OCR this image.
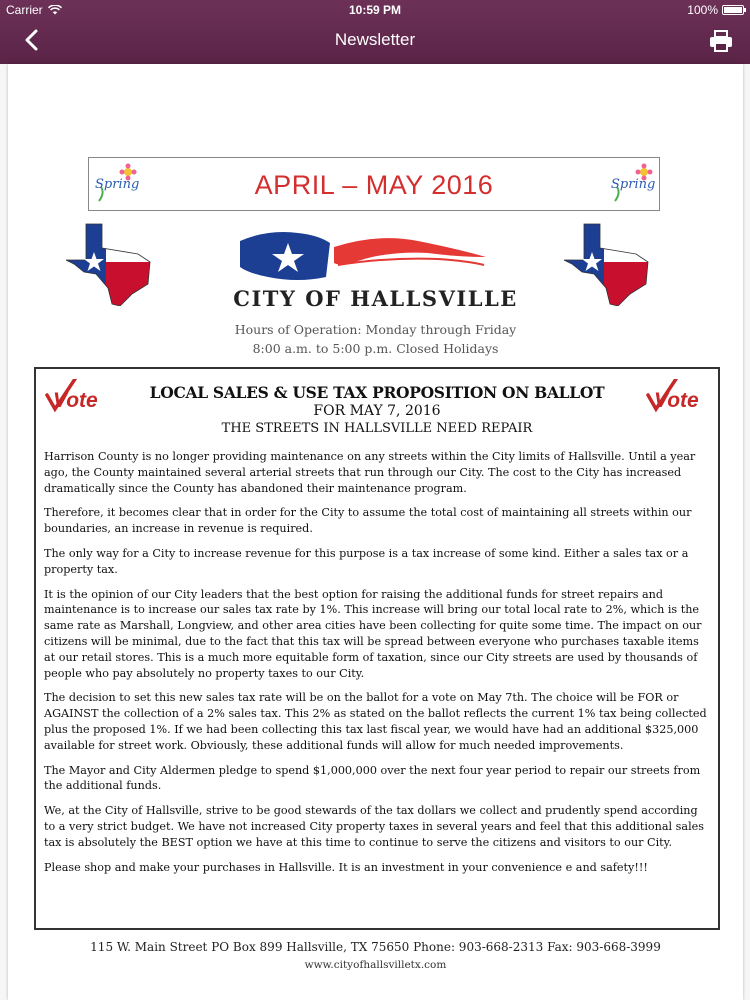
Carrier	10:59 PM	100%
Newsletter
Spring	APRIL – MAY 2016	Spring
CITY OF HALLSVILLE
Hours of Operation: Monday through Friday
8:00 a.m. to 5:00 p.m. Closed Holidays
Vote	Vote
LOCAL SALES & USE TAX PROPOSITION ON BALLOT
FOR MAY 7, 2016
THE STREETS IN HALLSVILLE NEED REPAIR

Harrison County is no longer providing maintenance on any streets within the City limits of Hallsville. Until a year ago, the County maintained several arterial streets that run through our City. The cost to the City has increased dramatically since the County has abandoned their maintenance program.

Therefore, it becomes clear that in order for the City to assume the total cost of maintaining all streets within our boundaries, an increase in revenue is required.

The only way for a City to increase revenue for this purpose is a tax increase of some kind. Either a sales tax or a property tax.

It is the opinion of our City leaders that the best option for raising the additional funds for street repairs and maintenance is to increase our sales tax rate by 1%. This increase will bring our total local rate to 2%, which is the same rate as Marshall, Longview, and other area cities have been collecting for quite some time. The impact on our citizens will be minimal, due to the fact that this tax will be spread between everyone who purchases taxable items at our retail stores. This is a much more equitable form of taxation, since our City streets are used by thousands of people who pay absolutely no property taxes to our City.

The decision to set this new sales tax rate will be on the ballot for a vote on May 7th. The choice will be FOR or AGAINST the collection of a 2% sales tax. This 2% as stated on the ballot reflects the current 1% tax being collected plus the proposed 1%. If we had been collecting this tax last fiscal year, we would have had an additional $325,000 available for street work. Obviously, these additional funds will allow for much needed improvements.

The Mayor and City Aldermen pledge to spend $1,000,000 over the next four year period to repair our streets from the additional funds.

We, at the City of Hallsville, strive to be good stewards of the tax dollars we collect and prudently spend according to a very strict budget. We have not increased City property taxes in several years and feel that this additional sales tax is absolutely the BEST option we have at this time to continue to serve the citizens and visitors to our City.

Please shop and make your purchases in Hallsville. It is an investment in your convenience e and safety!!!

115 W. Main Street PO Box 899 Hallsville, TX 75650 Phone: 903-668-2313 Fax: 903-668-3999
www.cityofhallsvilletx.com
